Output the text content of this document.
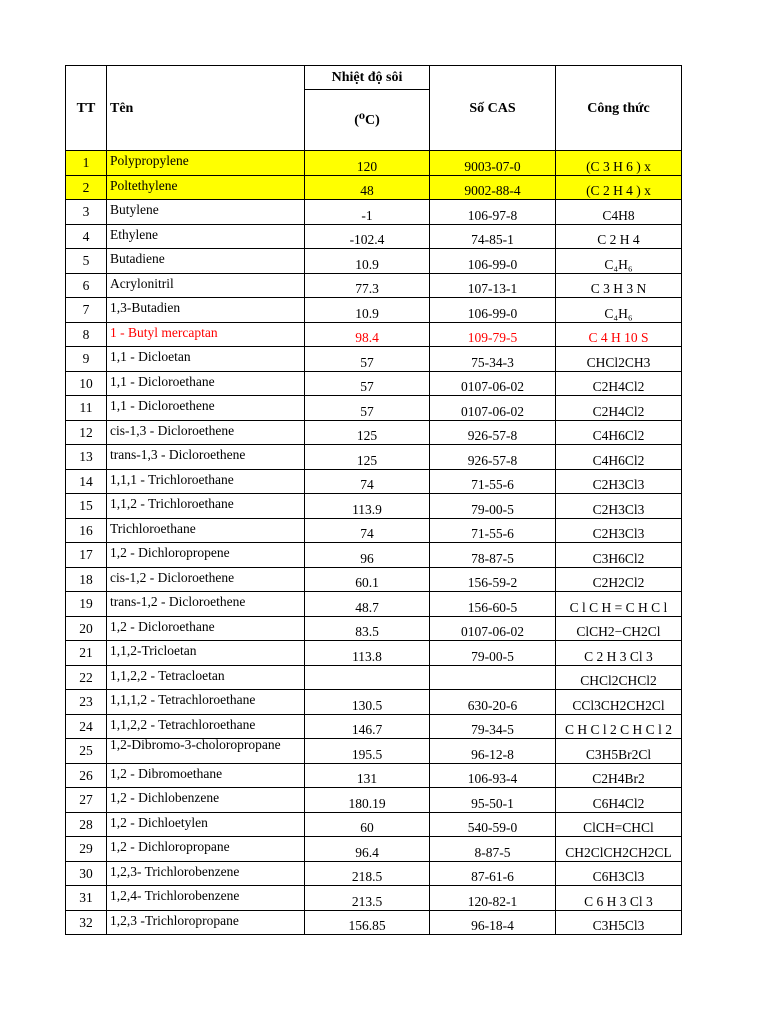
TT	Tên	Nhiệt độ sôi	Số CAS	Công thức
		(⁰C)		
1	Polypropylene	120	9003-07-0	(C 3 H 6 ) x
2	Poltethylene	48	9002-88-4	(C 2 H 4 ) x
3	Butylene	-1	106-97-8	C4H8
4	Ethylene	-102.4	74-85-1	C 2 H 4
5	Butadiene	10.9	106-99-0	C₄H₆
6	Acrylonitril	77.3	107-13-1	C 3 H 3 N
7	1,3-Butadien	10.9	106-99-0	C₄H₆
8	1 - Butyl mercaptan	98.4	109-79-5	C 4 H 10 S
9	1,1 - Dicloetan	57	75-34-3	CHCl2CH3
10	1,1 - Dicloroethane	57	0107-06-02	C2H4Cl2
11	1,1 - Dicloroethene	57	0107-06-02	C2H4Cl2
12	cis-1,3 - Dicloroethene	125	926-57-8	C4H6Cl2
13	trans-1,3 - Dicloroethene	125	926-57-8	C4H6Cl2
14	1,1,1 - Trichloroethane	74	71-55-6	C2H3Cl3
15	1,1,2 - Trichloroethane	113.9	79-00-5	C2H3Cl3
16	Trichloroethane	74	71-55-6	C2H3Cl3
17	1,2 - Dichloropropene	96	78-87-5	C3H6Cl2
18	cis-1,2 - Dicloroethene	60.1	156-59-2	C2H2Cl2
19	trans-1,2 - Dicloroethene	48.7	156-60-5	C l C H = C H C l
20	1,2 - Dicloroethane	83.5	0107-06-02	ClCH2−CH2Cl
21	1,1,2-Tricloetan	113.8	79-00-5	C 2 H 3 Cl 3
22	1,1,2,2 - Tetracloetan			CHCl2CHCl2
23	1,1,1,2 - Tetrachloroethane	130.5	630-20-6	CCl3CH2CH2Cl
24	1,1,2,2 - Tetrachloroethane	146.7	79-34-5	C H C l 2 C H C l 2
25	1,2-Dibromo-3-choloropropane	195.5	96-12-8	C3H5Br2Cl
26	1,2 - Dibromoethane	131	106-93-4	C2H4Br2
27	1,2 - Dichlobenzene	180.19	95-50-1	C6H4Cl2
28	1,2 - Dichloetylen	60	540-59-0	ClCH=CHCl
29	1,2 - Dichloropropane	96.4	8-87-5	CH2ClCH2CH2CL
30	1,2,3- Trichlorobenzene	218.5	87-61-6	C6H3Cl3
31	1,2,4- Trichlorobenzene	213.5	120-82-1	C 6 H 3 Cl 3
32	1,2,3 -Trichloropropane	156.85	96-18-4	C3H5Cl3
